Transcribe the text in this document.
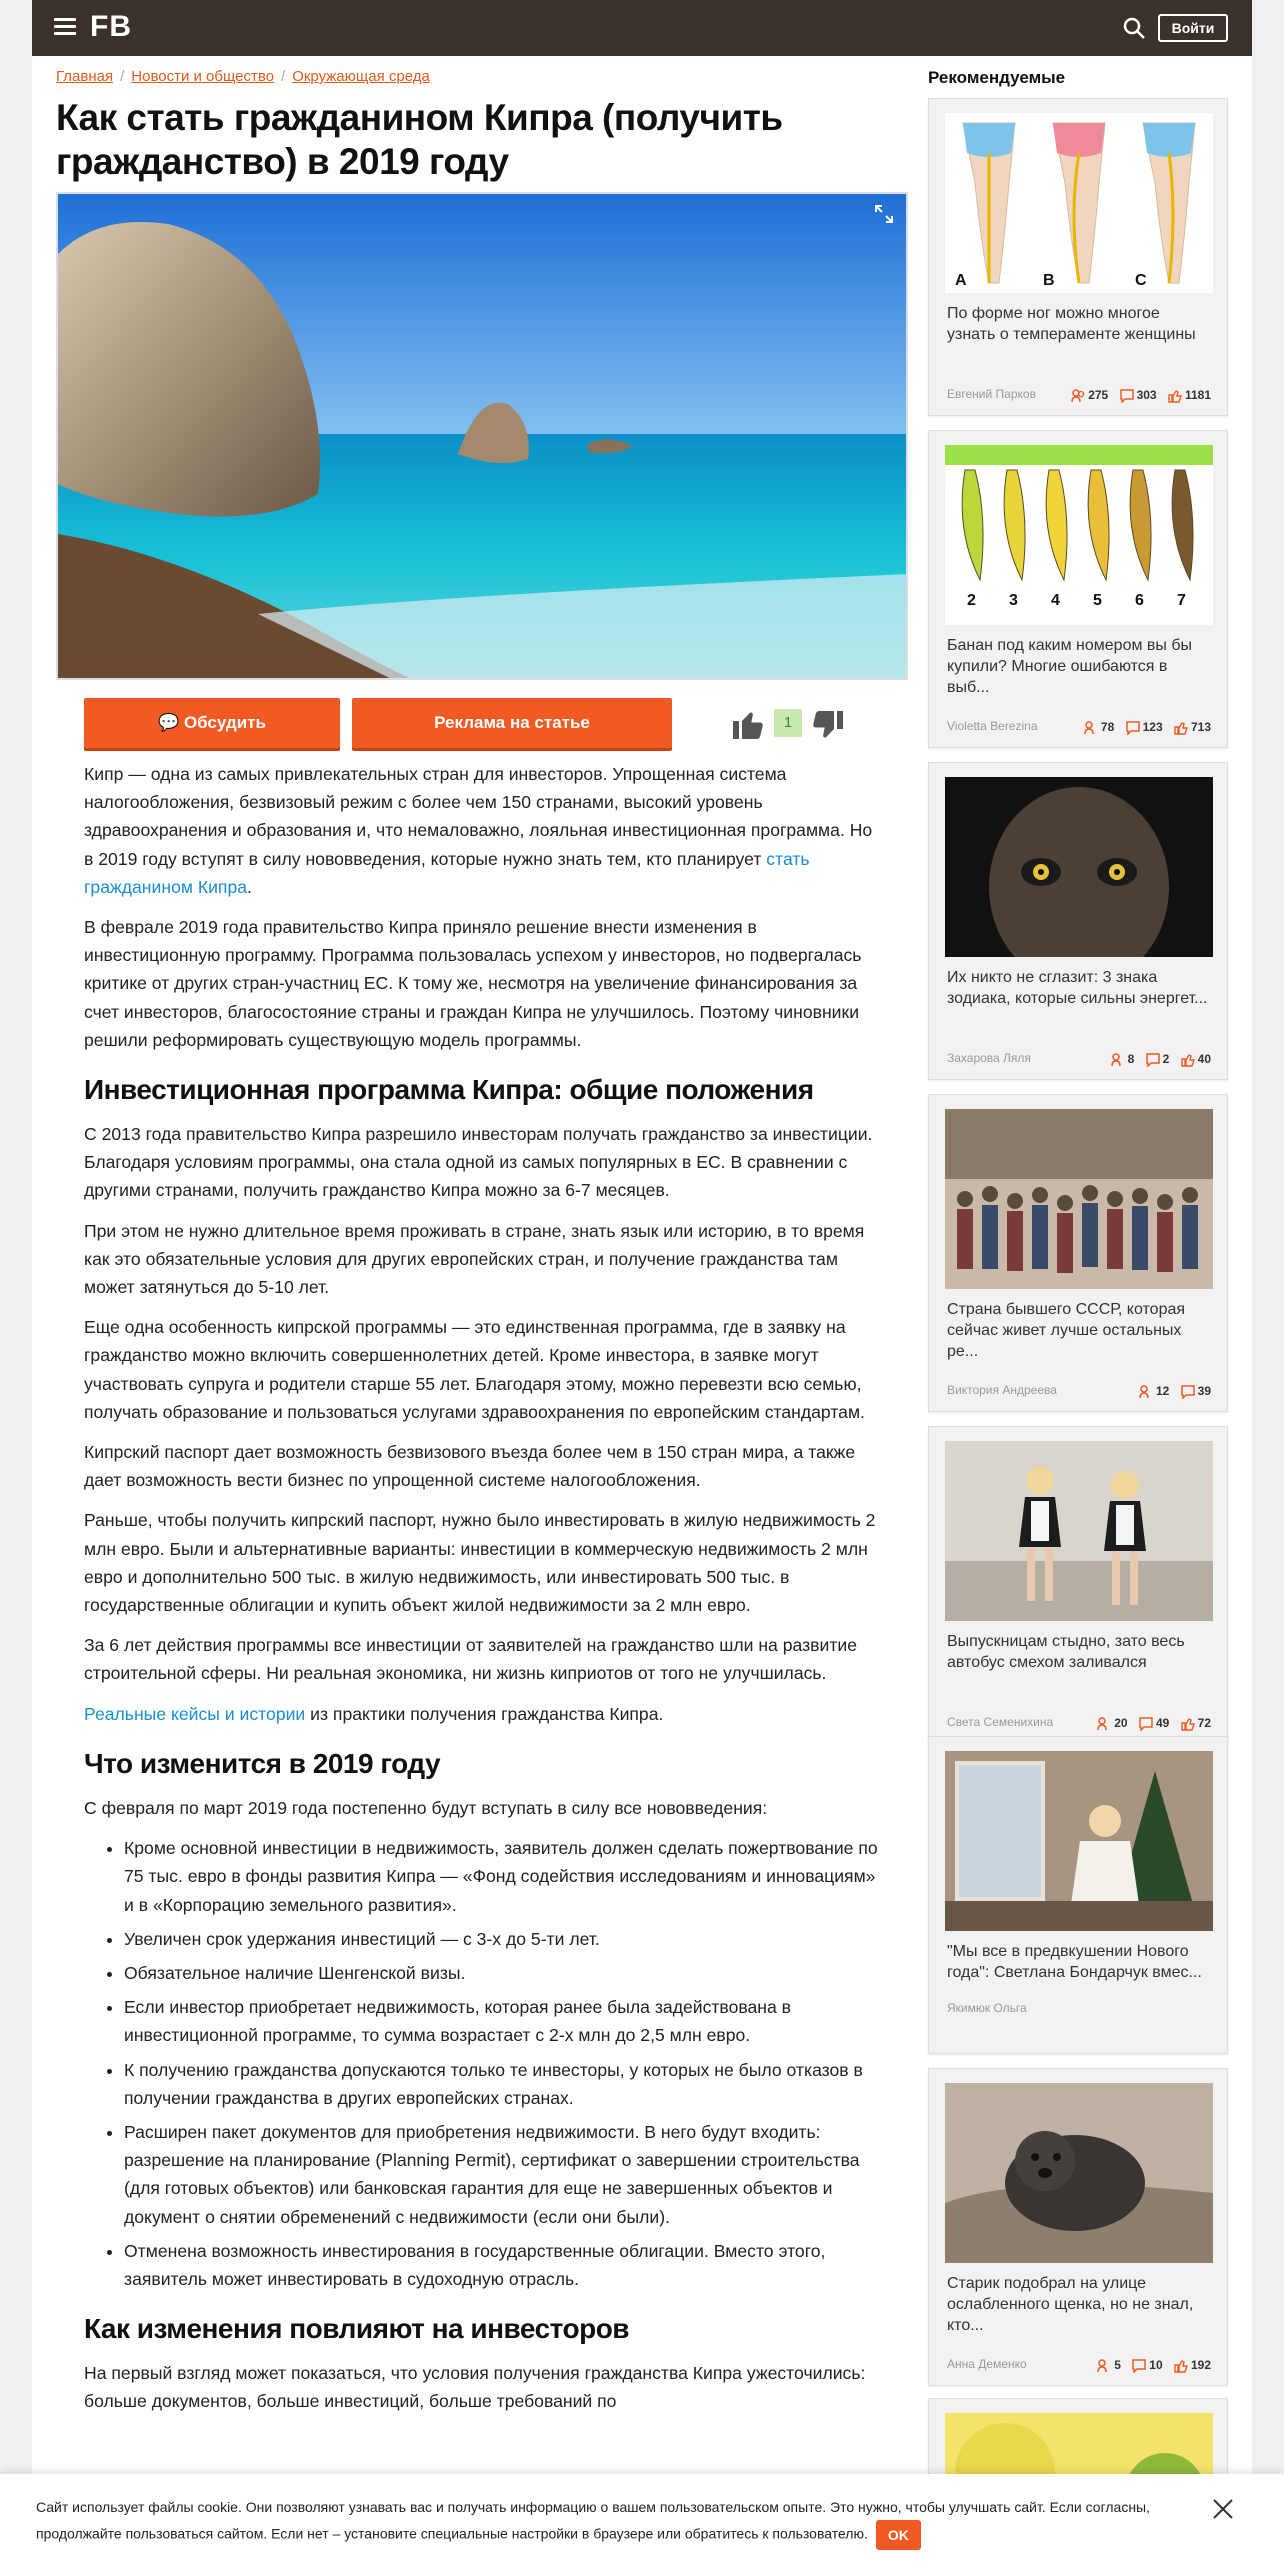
FB	Войти
Главная / Новости и общество / Окружающая среда
Как стать гражданином Кипра (получить гражданство) в 2019 году
💬 Обсудить	Реклама на статье	1

Кипр — одна из самых привлекательных стран для инвесторов. Упрощенная система налогообложения, безвизовый режим с более чем 150 странами, высокий уровень здравоохранения и образования и, что немаловажно, лояльная инвестиционная программа. Но в 2019 году вступят в силу нововведения, которые нужно знать тем, кто планирует стать гражданином Кипра.

В феврале 2019 года правительство Кипра приняло решение внести изменения в инвестиционную программу. Программа пользовалась успехом у инвесторов, но подвергалась критике от других стран-участниц ЕС. К тому же, несмотря на увеличение финансирования за счет инвесторов, благосостояние страны и граждан Кипра не улучшилось. Поэтому чиновники решили реформировать существующую модель программы.

Инвестиционная программа Кипра: общие положения

С 2013 года правительство Кипра разрешило инвесторам получать гражданство за инвестиции. Благодаря условиям программы, она стала одной из самых популярных в ЕС. В сравнении с другими странами, получить гражданство Кипра можно за 6-7 месяцев.

При этом не нужно длительное время проживать в стране, знать язык или историю, в то время как это обязательные условия для других европейских стран, и получение гражданства там может затянуться до 5-10 лет.

Еще одна особенность кипрской программы — это единственная программа, где в заявку на гражданство можно включить совершеннолетних детей. Кроме инвестора, в заявке могут участвовать супруга и родители старше 55 лет. Благодаря этому, можно перевезти всю семью, получать образование и пользоваться услугами здравоохранения по европейским стандартам.

Кипрский паспорт дает возможность безвизового въезда более чем в 150 стран мира, а также дает возможность вести бизнес по упрощенной системе налогообложения.

Раньше, чтобы получить кипрский паспорт, нужно было инвестировать в жилую недвижимость 2 млн евро. Были и альтернативные варианты: инвестиции в коммерческую недвижимость 2 млн евро и дополнительно 500 тыс. в жилую недвижимость, или инвестировать 500 тыс. в государственные облигации и купить объект жилой недвижимости за 2 млн евро.

За 6 лет действия программы все инвестиции от заявителей на гражданство шли на развитие строительной сферы. Ни реальная экономика, ни жизнь киприотов от того не улучшилась.

Реальные кейсы и истории из практики получения гражданства Кипра.

Что изменится в 2019 году

С февраля по март 2019 года постепенно будут вступать в силу все нововведения:

• Кроме основной инвестиции в недвижимость, заявитель должен сделать пожертвование по 75 тыс. евро в фонды развития Кипра — «Фонд содействия исследованиям и инновациям» и в «Корпорацию земельного развития».
• Увеличен срок удержания инвестиций — с 3-х до 5-ти лет.
• Обязательное наличие Шенгенской визы.
• Если инвестор приобретает недвижимость, которая ранее была задействована в инвестиционной программе, то сумма возрастает с 2-х млн до 2,5 млн евро.
• К получению гражданства допускаются только те инвесторы, у которых не было отказов в получении гражданства в других европейских странах.
• Расширен пакет документов для приобретения недвижимости. В него будут входить: разрешение на планирование (Planning Permit), сертификат о завершении строительства (для готовых объектов) или банковская гарантия для еще не завершенных объектов и документ о снятии обременений с недвижимости (если они были).
• Отменена возможность инвестирования в государственные облигации. Вместо этого, заявитель может инвестировать в судоходную отрасль.
Как изменения повлияют на инвесторов

На первый взгляд может показаться, что условия получения гражданства Кипра ужесточились: больше документов, больше инвестиций, больше требований по

Рекомендуемые
A	B	C
По форме ног можно многое узнать о темпераменте женщины
Евгений Парков	275 303 1181
2 3 4 5 6 7
Банан под каким номером вы бы купили? Многие ошибаются в выб...
Violetta Berezina	78 123 713
Их никто не сглазит: 3 знака зодиака, которые сильны энергет...
Захарова Ляля	8 2 40
Страна бывшего СССР, которая сейчас живет лучше остальных ре...
Виктория Андреева	12 39
Выпускницам стыдно, зато весь автобус смехом заливался
Света Семенихина	20 49 72
"Мы все в предвкушении Нового года": Светлана Бондарчук вмес...
Якимюк Ольга
Старик подобрал на улице ослабленного щенка, но не знал, кто...
Анна Деменко	5 10 192
Сайт использует файлы cookie. Они позволяют узнавать вас и получать информацию о вашем пользовательском опыте. Это нужно, чтобы улучшать сайт. Если согласны, продолжайте пользоваться сайтом. Если нет – установите специальные настройки в браузере или обратитесь к пользователю. OK
